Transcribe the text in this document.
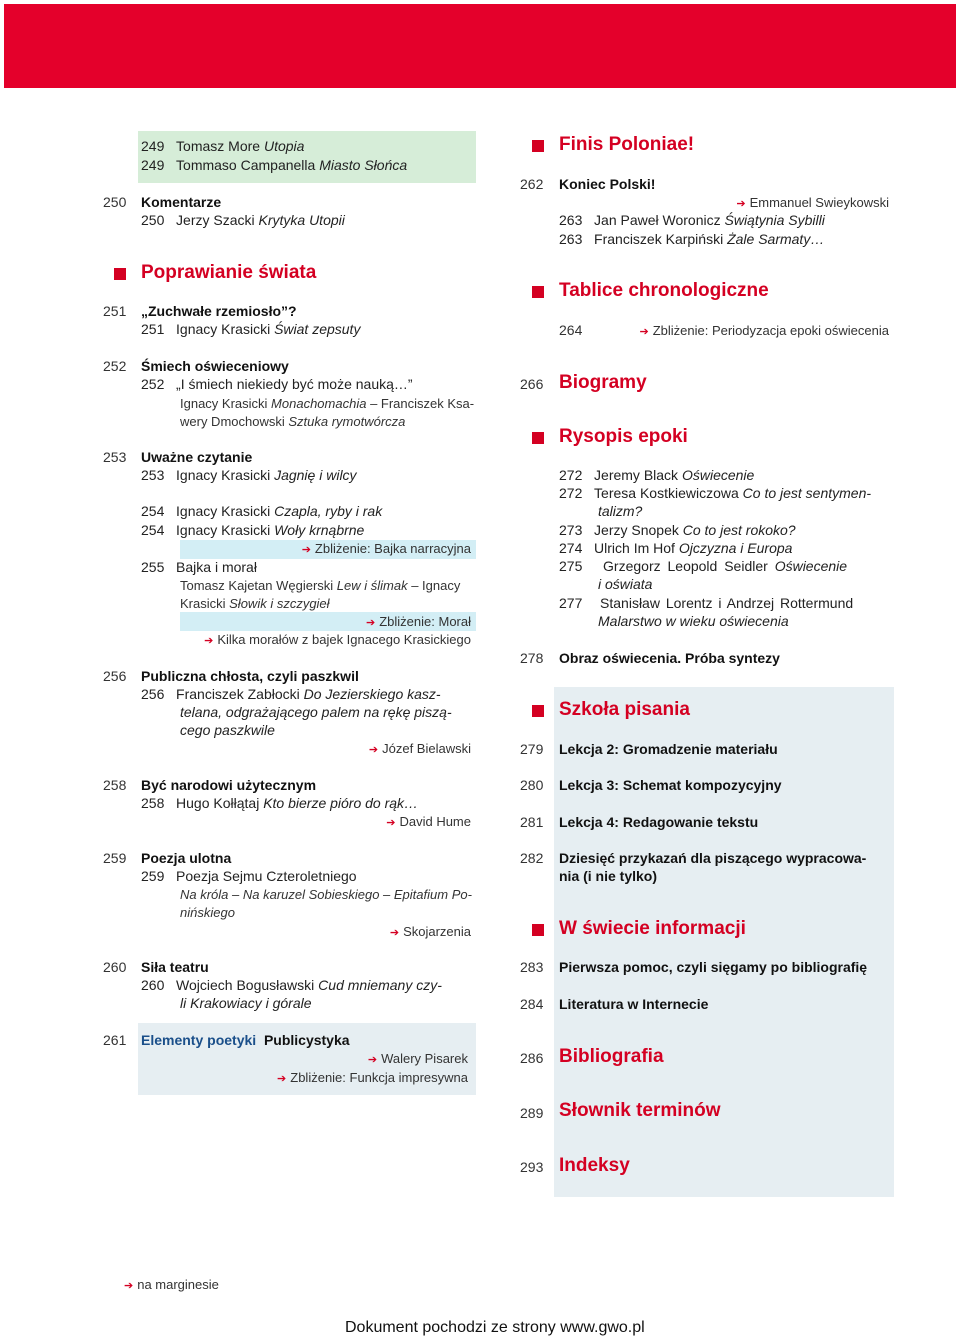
249 Tomasz More Utopia
249 Tommaso Campanella Miasto Słońca
250 Komentarze
250 Jerzy Szacki Krytyka Utopii
Poprawianie świata
251 „Zuchwałe rzemiosło”?
251 Ignacy Krasicki Świat zepsuty
252 Śmiech oświeceniowy
252 „I śmiech niekiedy być może nauką…”
Ignacy Krasicki Monachomachia – Franciszek Ksa-
wery Dmochowski Sztuka rymotwórcza
253 Uważne czytanie
253 Ignacy Krasicki Jagnię i wilcy
254 Ignacy Krasicki Czapla, ryby i rak
254 Ignacy Krasicki Woły krnąbrne
➔ Zbliżenie: Bajka narracyjna
255 Bajka i morał
Tomasz Kajetan Węgierski Lew i ślimak – Ignacy
Krasicki Słowik i szczygieł
➔ Zbliżenie: Morał
➔ Kilka morałów z bajek Ignacego Krasickiego
256 Publiczna chłosta, czyli paszkwil
256 Franciszek Zabłocki Do Jezierskiego kasz-
telana, odgrażającego palem na rękę piszą-
cego paszkwile
➔ Józef Bielawski
258 Być narodowi użytecznym
258 Hugo Kołłątaj Kto bierze pióro do rąk…
➔ David Hume
259 Poezja ulotna
259 Poezja Sejmu Czteroletniego
Na króla – Na karuzel Sobieskiego – Epitafium Po-
nińskiego
➔ Skojarzenia
260 Siła teatru
260 Wojciech Bogusławski Cud mniemany czy-
li Krakowiacy i górale
261 Elementy poetyki Publicystyka
➔ Walery Pisarek
➔ Zbliżenie: Funkcja impresywna
Finis Poloniae!
262 Koniec Polski!
➔ Emmanuel Swieykowski
263 Jan Paweł Woronicz Świątynia Sybilli
263 Franciszek Karpiński Żale Sarmaty…
Tablice chronologiczne
264	➔ Zbliżenie: Periodyzacja epoki oświecenia
266 Biogramy
Rysopis epoki
272 Jeremy Black Oświecenie
272 Teresa Kostkiewiczowa Co to jest sentymen-
talizm?
273 Jerzy Snopek Co to jest rokoko?
274 Ulrich Im Hof Ojczyzna i Europa
275 Grzegorz Leopold Seidler Oświecenie
i oświata
277 Stanisław Lorentz i Andrzej Rottermund
Malarstwo w wieku oświecenia
278 Obraz oświecenia. Próba syntezy
Szkoła pisania
279 Lekcja 2: Gromadzenie materiału
280 Lekcja 3: Schemat kompozycyjny
281 Lekcja 4: Redagowanie tekstu
282 Dziesięć przykazań dla piszącego wypracowa-
nia (i nie tylko)
W świecie informacji
283 Pierwsza pomoc, czyli sięgamy po bibliografię
284 Literatura w Internecie
286 Bibliografia
289 Słownik terminów
293 Indeksy
➔ na marginesie
Dokument pochodzi ze strony www.gwo.pl
